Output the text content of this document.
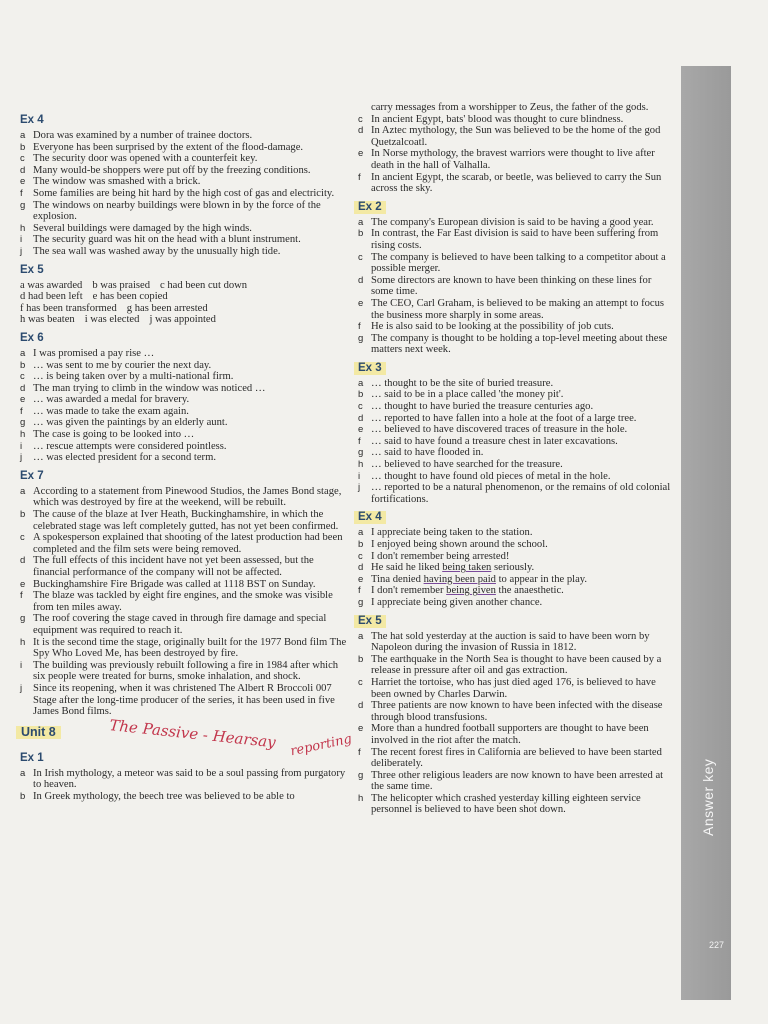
Ex 4
a Dora was examined by a number of trainee doctors.
b Everyone has been surprised by the extent of the flood-damage.
c The security door was opened with a counterfeit key.
d Many would-be shoppers were put off by the freezing conditions.
e The window was smashed with a brick.
f Some families are being hit hard by the high cost of gas and electricity.
g The windows on nearby buildings were blown in by the force of the explosion.
h Several buildings were damaged by the high winds.
i The security guard was hit on the head with a blunt instrument.
j The sea wall was washed away by the unusually high tide.
Ex 5
a was awarded b was praised c had been cut down
d had been left e has been copied
f has been transformed g has been arrested
h was beaten i was elected j was appointed
Ex 6
a I was promised a pay rise …
b … was sent to me by courier the next day.
c … is being taken over by a multi-national firm.
d The man trying to climb in the window was noticed …
e … was awarded a medal for bravery.
f … was made to take the exam again.
g … was given the paintings by an elderly aunt.
h The case is going to be looked into …
i … rescue attempts were considered pointless.
j … was elected president for a second term.
Ex 7
a According to a statement from Pinewood Studios, the James Bond stage, which was destroyed by fire at the weekend, will be rebuilt.
b The cause of the blaze at Iver Heath, Buckinghamshire, in which the celebrated stage was left completely gutted, has not yet been confirmed.
c A spokesperson explained that shooting of the latest production had been completed and the film sets were being removed.
d The full effects of this incident have not yet been assessed, but the financial performance of the company will not be affected.
e Buckinghamshire Fire Brigade was called at 1118 BST on Sunday.
f The blaze was tackled by eight fire engines, and the smoke was visible from ten miles away.
g The roof covering the stage caved in through fire damage and special equipment was required to reach it.
h It is the second time the stage, originally built for the 1977 Bond film The Spy Who Loved Me, has been destroyed by fire.
i The building was previously rebuilt following a fire in 1984 after which six people were treated for burns, smoke inhalation, and shock.
j Since its reopening, when it was christened The Albert R Broccoli 007 Stage after the long-time producer of the series, it has been used in five James Bond films.
Unit 8	The Passive - Hearsay reporting
Ex 1
a In Irish mythology, a meteor was said to be a soul passing from purgatory to heaven.
b In Greek mythology, the beech tree was believed to be able to
carry messages from a worshipper to Zeus, the father of the gods.
c In ancient Egypt, bats' blood was thought to cure blindness.
d In Aztec mythology, the Sun was believed to be the home of the god Quetzalcoatl.
e In Norse mythology, the bravest warriors were thought to live after death in the hall of Valhalla.
f In ancient Egypt, the scarab, or beetle, was believed to carry the Sun across the sky.
Ex 2
a The company's European division is said to be having a good year.
b In contrast, the Far East division is said to have been suffering from rising costs.
c The company is believed to have been talking to a competitor about a possible merger.
d Some directors are known to have been thinking on these lines for some time.
e The CEO, Carl Graham, is believed to be making an attempt to focus the business more sharply in some areas.
f He is also said to be looking at the possibility of job cuts.
g The company is thought to be holding a top-level meeting about these matters next week.
Ex 3
a … thought to be the site of buried treasure.
b … said to be in a place called 'the money pit'.
c … thought to have buried the treasure centuries ago.
d … reported to have fallen into a hole at the foot of a large tree.
e … believed to have discovered traces of treasure in the hole.
f … said to have found a treasure chest in later excavations.
g … said to have flooded in.
h … believed to have searched for the treasure.
i … thought to have found old pieces of metal in the hole.
j … reported to be a natural phenomenon, or the remains of old colonial fortifications.
Ex 4
a I appreciate being taken to the station.
b I enjoyed being shown around the school.
c I don't remember being arrested!
d He said he liked being taken seriously.
e Tina denied having been paid to appear in the play.
f I don't remember being given the anaesthetic.
g I appreciate being given another chance.
Ex 5
a The hat sold yesterday at the auction is said to have been worn by Napoleon during the invasion of Russia in 1812.
b The earthquake in the North Sea is thought to have been caused by a release in pressure after oil and gas extraction.
c Harriet the tortoise, who has just died aged 176, is believed to have been owned by Charles Darwin.
d Three patients are now known to have been infected with the disease through blood transfusions.
e More than a hundred football supporters are thought to have been involved in the riot after the match.
f The recent forest fires in California are believed to have been started deliberately.
g Three other religious leaders are now known to have been arrested at the same time.
h The helicopter which crashed yesterday killing eighteen service personnel is believed to have been shot down.	Answer key
227
